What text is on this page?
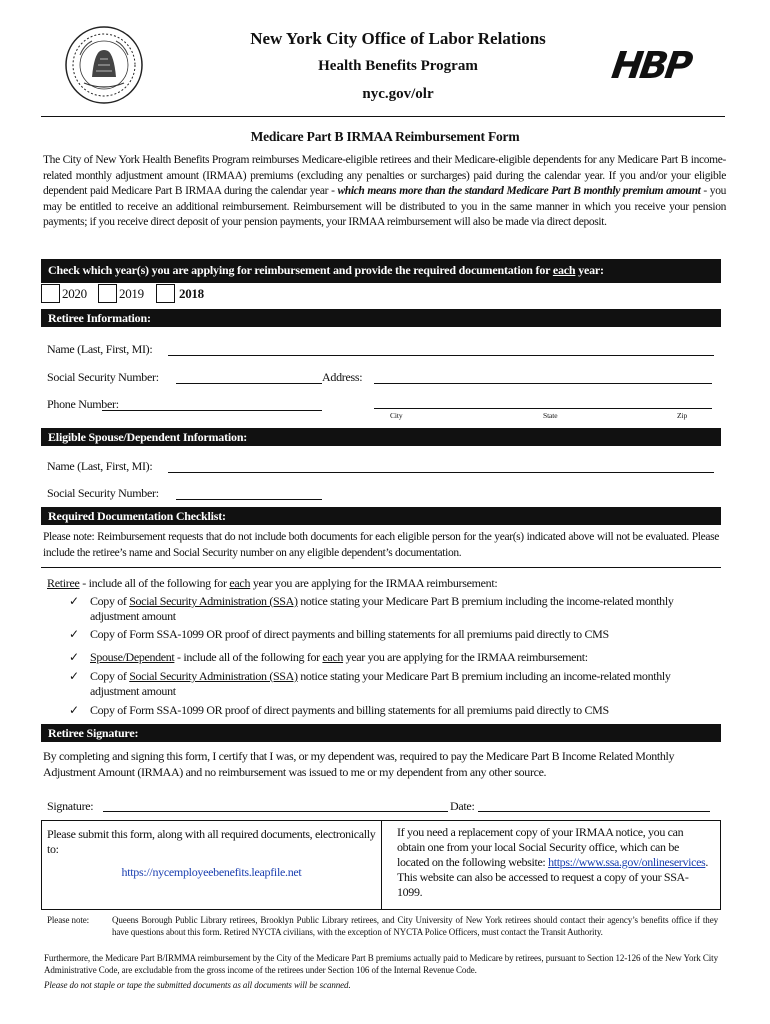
New York City Office of Labor Relations
Health Benefits Program
nyc.gov/olr
HBP
Medicare Part B IRMAA Reimbursement Form
The City of New York Health Benefits Program reimburses Medicare-eligible retirees and their Medicare-eligible dependents for any Medicare Part B income-related monthly adjustment amount (IRMAA) premiums (excluding any penalties or surcharges) paid during the calendar year. If you and/or your eligible dependent paid Medicare Part B IRMAA during the calendar year - which means more than the standard Medicare Part B monthly premium amount - you may be entitled to receive an additional reimbursement. Reimbursement will be distributed to you in the same manner in which you receive your pension payments; if you receive direct deposit of your pension payments, your IRMAA reimbursement will also be made via direct deposit.
Check which year(s) you are applying for reimbursement and provide the required documentation for each year:
2020 2019	2018
Retiree Information:
Name (Last, First, MI):
Social Security Number:	Address:
Phone Number:
City	State	Zip
Eligible Spouse/Dependent Information:
Name (Last, First, MI):
Social Security Number:
Required Documentation Checklist:
Please note: Reimbursement requests that do not include both documents for each eligible person for the year(s) indicated above will not be evaluated. Please include the retiree’s name and Social Security number on any eligible dependent’s documentation.
Retiree - include all of the following for each year you are applying for the IRMAA reimbursement:
✓ Copy of Social Security Administration (SSA) notice stating your Medicare Part B premium including the income-related monthly adjustment amount
✓ Copy of Form SSA-1099 OR proof of direct payments and billing statements for all premiums paid directly to CMS
✓ Spouse/Dependent - include all of the following for each year you are applying for the IRMAA reimbursement:
✓ Copy of Social Security Administration (SSA) notice stating your Medicare Part B premium including an income-related monthly adjustment amount
✓ Copy of Form SSA-1099 OR proof of direct payments and billing statements for all premiums paid directly to CMS
Retiree Signature:
By completing and signing this form, I certify that I was, or my dependent was, required to pay the Medicare Part B Income Related Monthly Adjustment Amount (IRMAA) and no reimbursement was issued to me or my dependent from any other source.
Signature:	Date:
Please submit this form, along with all required documents, electronically to:
https://nycemployeebenefits.leapfile.net
If you need a replacement copy of your IRMAA notice, you can obtain one from your local Social Security office, which can be located on the following website: https://www.ssa.gov/onlineservices. This website can also be accessed to request a copy of your SSA-1099.
Please note:	Queens Borough Public Library retirees, Brooklyn Public Library retirees, and City University of New York retirees should contact their agency’s benefits office if they have questions about this form. Retired NYCTA civilians, with the exception of NYCTA Police Officers, must contact the Transit Authority.
Furthermore, the Medicare Part B/IRMMA reimbursement by the City of the Medicare Part B premiums actually paid to Medicare by retirees, pursuant to Section 12-126 of the New York City Administrative Code, are excludable from the gross income of the retirees under Section 106 of the Internal Revenue Code.
Please do not staple or tape the submitted documents as all documents will be scanned.
